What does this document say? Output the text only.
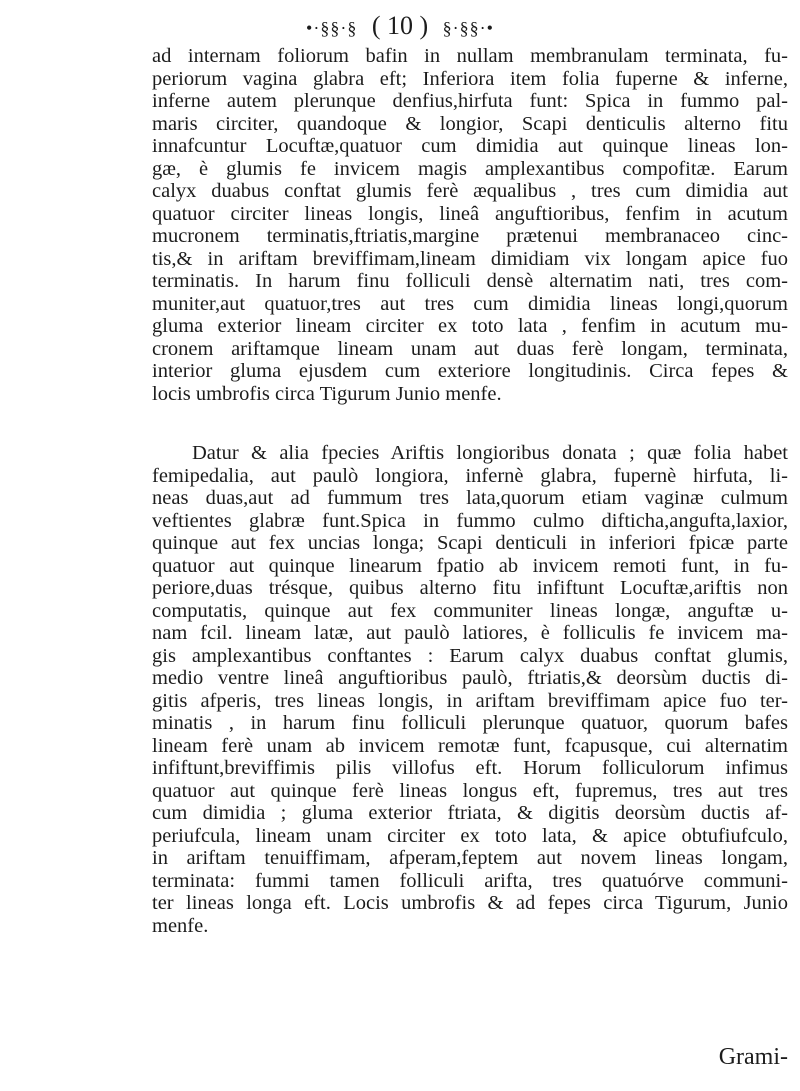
•·§§·§ ( 10 ) §·§§·•
ad internam foliorum bafin in nullam membranulam terminata, fu-
periorum vagina glabra eft; Inferiora item folia fuperne & inferne,
inferne autem plerunque denfius,hirfuta funt: Spica in fummo pal-
maris circiter, quandoque & longior, Scapi denticulis alterno fitu
innafcuntur Locuftæ,quatuor cum dimidia aut quinque lineas lon-
gæ, è glumis fe invicem magis amplexantibus compofitæ. Earum
calyx duabus conftat glumis ferè æqualibus , tres cum dimidia aut
quatuor circiter lineas longis, lineâ anguftioribus, fenfim in acutum
mucronem terminatis,ftriatis,margine prætenui membranaceo cinc-
tis,& in ariftam breviffimam,lineam dimidiam vix longam apice fuo
terminatis. In harum finu folliculi densè alternatim nati, tres com-
muniter,aut quatuor,tres aut tres cum dimidia lineas longi,quorum
gluma exterior lineam circiter ex toto lata , fenfim in acutum mu-
cronem ariftamque lineam unam aut duas ferè longam, terminata,
interior gluma ejusdem cum exteriore longitudinis. Circa fepes &
locis umbrofis circa Tigurum Junio menfe.
Datur & alia fpecies Ariftis longioribus donata ; quæ folia habet
femipedalia, aut paulò longiora, infernè glabra, fupernè hirfuta, li-
neas duas,aut ad fummum tres lata,quorum etiam vaginæ culmum
veftientes glabræ funt.Spica in fummo culmo difticha,angufta,laxior,
quinque aut fex uncias longa; Scapi denticuli in inferiori fpicæ parte
quatuor aut quinque linearum fpatio ab invicem remoti funt, in fu-
periore,duas trésque, quibus alterno fitu infiftunt Locuftæ,ariftis non
computatis, quinque aut fex communiter lineas longæ, anguftæ u-
nam fcil. lineam latæ, aut paulò latiores, è folliculis fe invicem ma-
gis amplexantibus conftantes : Earum calyx duabus conftat glumis,
medio ventre lineâ anguftioribus paulò, ftriatis,& deorsùm ductis di-
gitis afperis, tres lineas longis, in ariftam breviffimam apice fuo ter-
minatis , in harum finu folliculi plerunque quatuor, quorum bafes
lineam ferè unam ab invicem remotæ funt, fcapusque, cui alternatim
infiftunt,breviffimis pilis villofus eft. Horum folliculorum infimus
quatuor aut quinque ferè lineas longus eft, fupremus, tres aut tres
cum dimidia ; gluma exterior ftriata, & digitis deorsùm ductis af-
periufcula, lineam unam circiter ex toto lata, & apice obtufiufculo,
in ariftam tenuiffimam, afperam,feptem aut novem lineas longam,
terminata: fummi tamen folliculi arifta, tres quatuórve communi-
ter lineas longa eft. Locis umbrofis & ad fepes circa Tigurum, Junio
menfe.
Grami-
